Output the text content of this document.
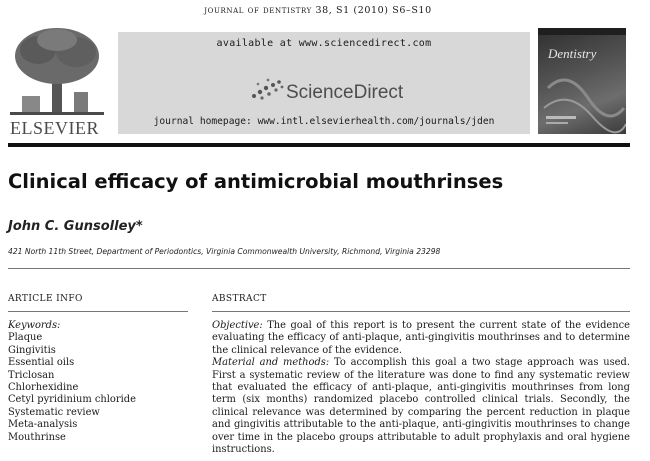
journal of dentistry 38, S1 (2010) S6–S10
ELSEVIER
available at www.sciencedirect.com
ScienceDirect
journal homepage: www.intl.elsevierhealth.com/journals/jden
Dentistry
Clinical efficacy of antimicrobial mouthrinses
John C. Gunsolley*
421 North 11th Street, Department of Periodontics, Virginia Commonwealth University, Richmond, Virginia 23298
ARTICLE INFO	ABSTRACT
Keywords:
Plaque
Gingivitis
Essential oils
Triclosan
Chlorhexidine
Cetyl pyridinium chloride
Systematic review
Meta-analysis
Mouthrinse

Objective: The goal of this report is to present the current state of the evidence evaluating the efficacy of anti-plaque, anti-gingivitis mouthrinses and to determine the clinical relevance of the evidence.

Material and methods: To accomplish this goal a two stage approach was used. First a systematic review of the literature was done to find any systematic review that evaluated the efficacy of anti-plaque, anti-gingivitis mouthrinses from long term (six months) randomized placebo controlled clinical trials. Secondly, the clinical relevance was determined by comparing the percent reduction in plaque and gingivitis attributable to the anti-plaque, anti-gingivitis mouthrinses to change over time in the placebo groups attributable to adult prophylaxis and oral hygiene instructions.
